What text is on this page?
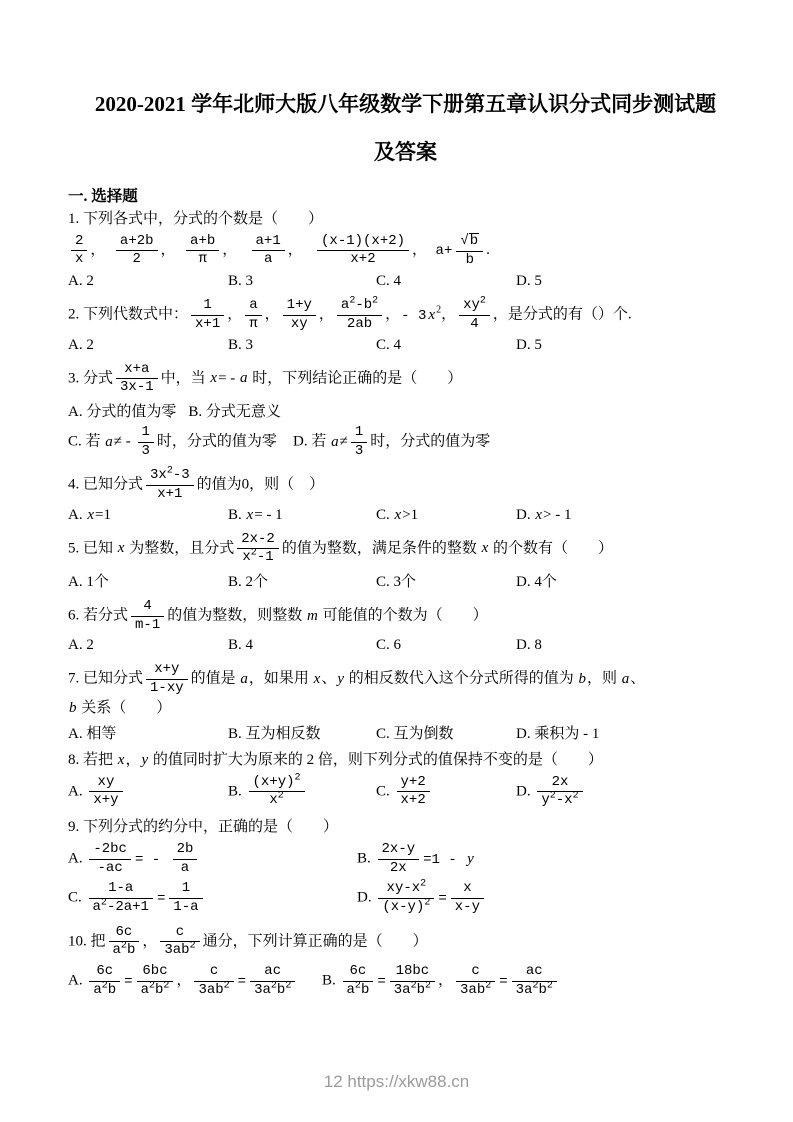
2020-2021 学年北师大版八年级数学下册第五章认识分式同步测试题
及答案
一. 选择题
1. 下列各式中，分式的个数是（　　）
$\frac{2}{x}$ ， $\frac{a+2b}{2}$ ， $\frac{a+b}{\pi}$ ， $\frac{a+1}{a}$ ， $\frac{(x-1)(x+2)}{x+2}$ ，  $a+ \frac{√b}{b}$ .
A. 2	B. 3	C. 4	D. 5
2. 下列代数式中： $\frac{1}{x+1}$ ， $\frac{a}{\pi}$ ， $\frac{1+y}{xy}$ ， $\frac{a^2-b^2}{2ab}$ ，- 3 $x^2$， $\frac{xy^2}{4}$ ，是分式的有（）个.
A. 2	B. 3	C. 4	D. 5
3. 分式 $\frac{x+a}{3x-1}$ 中，当 x= - a 时，下列结论正确的是（　　）
A. 分式的值为零 B. 分式无意义
C. 若 $a\ne - \frac{1}{3}$ 时，分式的值为零	D. 若 $a\ne \frac{1}{3}$ 时，分式的值为零
4. 已知分式 $\frac{3x^2-3}{x+1}$ 的值为0，则（　）
A. x=1	B. x= - 1	C. x>1	D. x> - 1
5. 已知 x 为整数，且分式 $\frac{2x-2}{x^2-1}$ 的值为整数，满足条件的整数 x 的个数有（　　）
A. 1个	B. 2个	C. 3个	D. 4个
6. 若分式 $\frac{4}{m-1}$ 的值为整数，则整数 m 可能值的个数为（　　）
A. 2	B. 4	C. 6	D. 8
7. 已知分式 $\frac{x+y}{1-xy}$ 的值是 a，如果用 x、y 的相反数代入这个分式所得的值为 b，则 a、b 关系（　　）
A. 相等	B. 互为相反数	C. 互为倒数	D. 乘积为 - 1
8. 若把 x，y 的值同时扩大为原来的 2 倍，则下列分式的值保持不变的是（　　）
A. $\frac{xy}{x+y}$	B. $\frac{(x+y)^2}{x^2}$	C. $\frac{y+2}{x+2}$	D. $\frac{2x}{y^2-x^2}$
9. 下列分式的约分中，正确的是（　　）
A. $\frac{-2bc}{-ac}$ = - $\frac{2b}{a}$	B. $\frac{2x-y}{2x} =1 - y$
C. $\frac{1-a}{a^2-2a+1} = \frac{1}{1-a}$	D. $\frac{xy-x^2}{(x-y)^2} = \frac{x}{x-y}$
10. 把 $\frac{6c}{a^2b}$ ， $\frac{c}{3ab^2}$ 通分，下列计算正确的是（　　）
A. $\frac{6c}{a^2b} = \frac{6bc}{a^2b^2}$ ， $\frac{c}{3ab^2} = \frac{ac}{3a^2b^2} B$. $\frac{6c}{a^2b} = \frac{18bc}{3a^2b^2}$ ， $\frac{c}{3ab^2} = \frac{ac}{3a^2b^2}$
12 https://xkw88.cn
